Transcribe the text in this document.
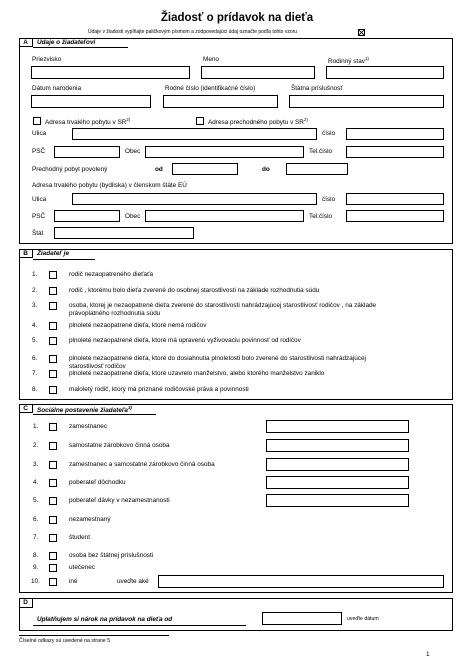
Žiadosť o prídavok na dieťa
Údaje v žiadosti vypĺňajte paličkovým písmom a zodpovedajúci údaj označte podľa tohto vzoru
A	Údaje o žiadateľovi
Priezvisko	Meno	Rodinný stav$^{1)}$
Dátum narodenia	Rodné číslo (identifikačné číslo)	Štátna príslušnosť
Adresa trvalého pobytu v SR$^{2)}$	Adresa prechodného pobytu v SR$^{2)}$
Ulica	číslo
PSČ	Obec	Tel.číslo
Prechodný pobyt povolený	od	do
Adresa trvalého pobytu (bydliska) v členskom štáte EÚ
Ulica	číslo
PSČ	Obec	Tel.číslo
Štát
B	Žiadateľ je
1.	rodič nezaopatreného dieťaťa
2.	rodič , ktorému bolo dieťa zverené do osobnej starostlivosti na základe rozhodnutia súdu
3.	osoba, ktorej je nezaopatrené dieťa zverené do starostlivosti nahrádzajúcej starostlivosť rodičov , na základe
právoplatného rozhodnutia súdu
4.	plnoleté nezaopatrené dieťa, ktoré nemá rodičov
5.	plnoleté nezaopatrené dieťa, ktoré má upravenú vyživovaciu povinnosť od rodičov
6.	plnoleté nezaopatrené dieťa, ktoré do dosiahnutia plnoletosti bolo zverené do starostlivosti nahrádzajúcej
starostlivosť rodičov
7.	plnoleté nezaopatrené dieťa, ktoré uzavrelo manželstvo, alebo ktorého manželstvo zaniklo
8.	maloletý rodič, ktorý má priznané rodičovské práva a povinnosti
C	Sociálne postavenie žiadateľa$^{3)}$
1.	zamestnanec
2.	samostatne zárobkovo činná osoba
3.	zamestnanec a samostatne zárobkovo činná osoba
4.	poberateľ dôchodku
5.	poberateľ dávky v nezamestnanosti
6.	nezamestnaný
7.	študent
8.	osoba bez štátnej príslušnosti
9.	utečenec
10.	iné	uveďte aké
D
Uplatňujem si nárok na prídavok na dieťa od	uveďte dátum
Číselné odkazy sú uvedené na strane 5
1
